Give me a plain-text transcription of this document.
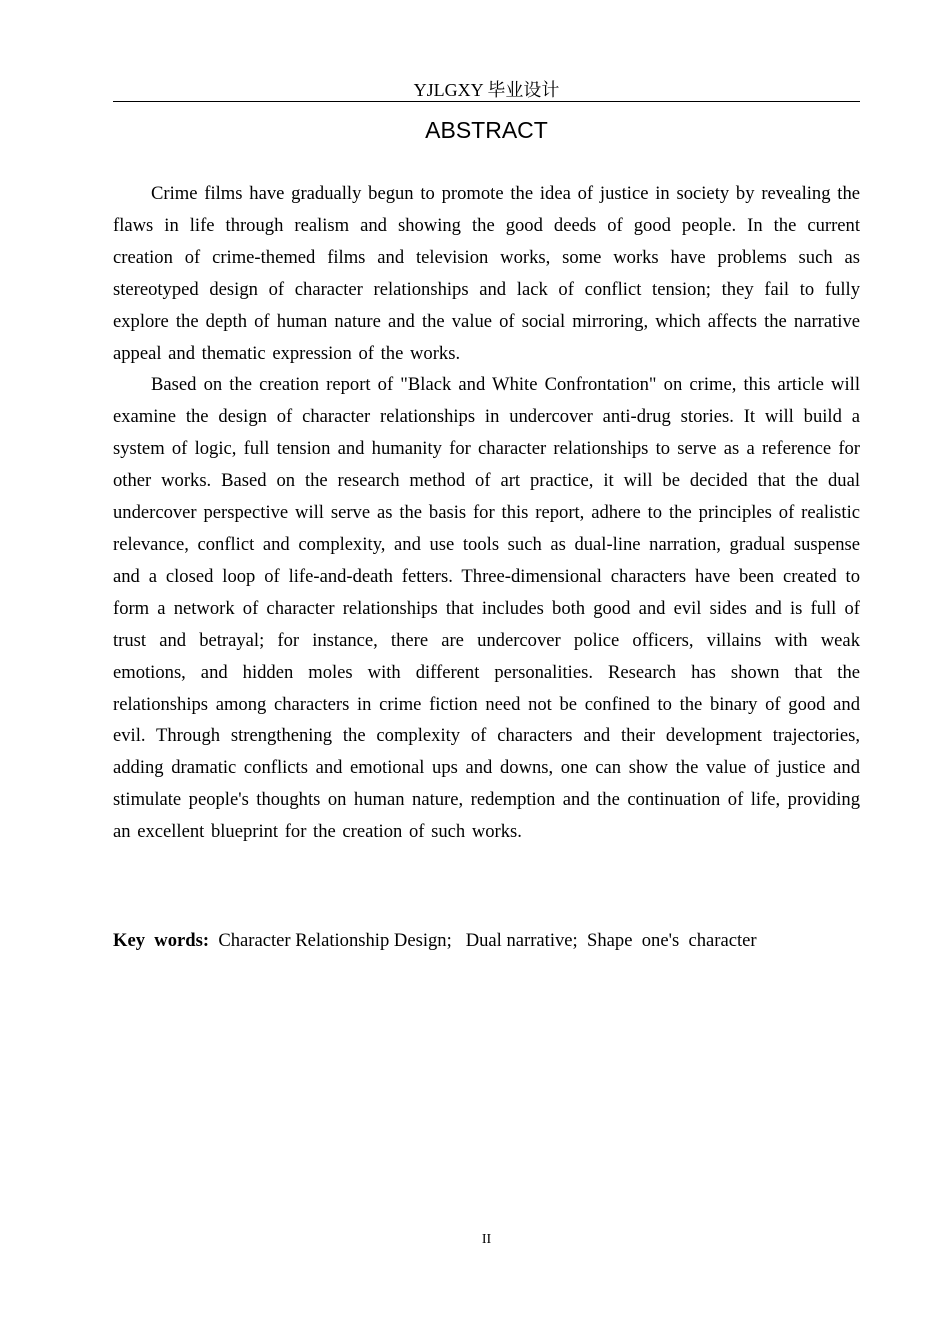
YJLGXY 毕业设计
ABSTRACT

Crime films have gradually begun to promote the idea of justice in society by revealing the flaws in life through realism and showing the good deeds of good people. In the current creation of crime-themed films and television works, some works have problems such as stereotyped design of character relationships and lack of conflict tension; they fail to fully explore the depth of human nature and the value of social mirroring, which affects the narrative appeal and thematic expression of the works.

Based on the creation report of "Black and White Confrontation" on crime, this article will examine the design of character relationships in undercover anti-drug stories. It will build a system of logic, full tension and humanity for character relationships to serve as a reference for other works. Based on the research method of art practice, it will be decided that the dual undercover perspective will serve as the basis for this report, adhere to the principles of realistic relevance, conflict and complexity, and use tools such as dual-line narration, gradual suspense and a closed loop of life-and-death fetters. Three-dimensional characters have been created to form a network of character relationships that includes both good and evil sides and is full of trust and betrayal; for instance, there are undercover police officers, villains with weak emotions, and hidden moles with different personalities. Research has shown that the relationships among characters in crime fiction need not be confined to the binary of good and evil. Through strengthening the complexity of characters and their development trajectories, adding dramatic conflicts and emotional ups and downs, one can show the value of justice and stimulate people's thoughts on human nature, redemption and the continuation of life, providing an excellent blueprint for the creation of such works.

Key  words:  Character Relationship Design;   Dual narrative;  Shape  one's  character
II
